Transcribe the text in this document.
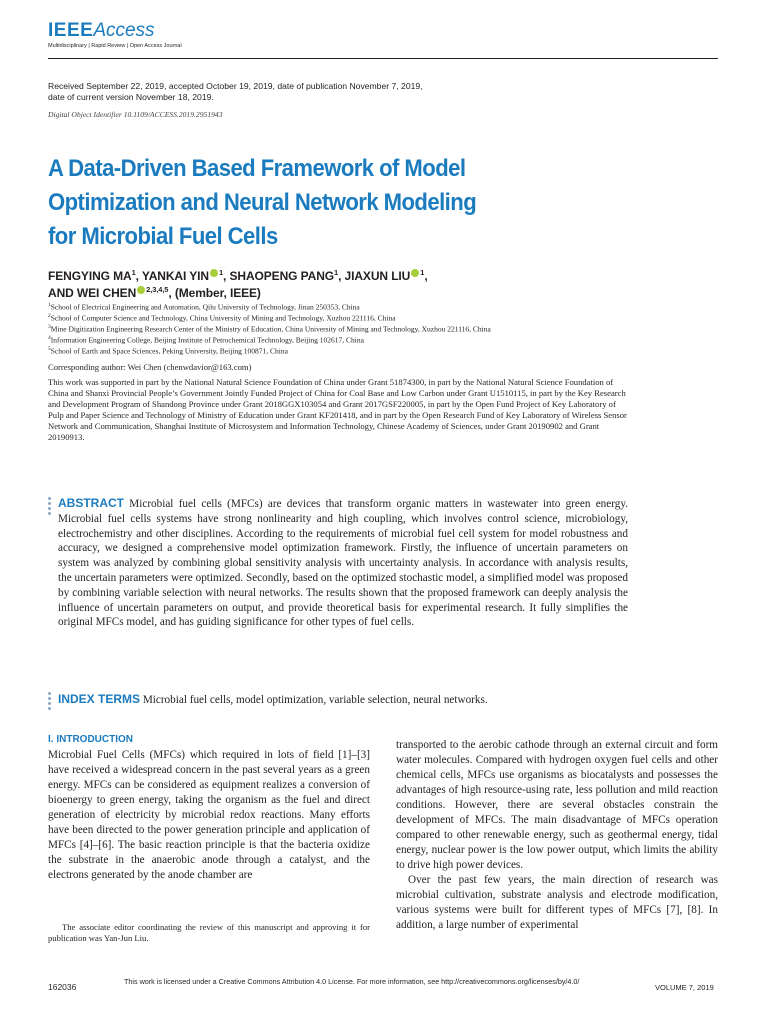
IEEEAccess
Multidisciplinary | Rapid Review | Open Access Journal
Received September 22, 2019, accepted October 19, 2019, date of publication November 7, 2019,
date of current version November 18, 2019.
Digital Object Identifier 10.1109/ACCESS.2019.2951943
A Data-Driven Based Framework of Model
Optimization and Neural Network Modeling
for Microbial Fuel Cells
FENGYING $MA^1$, YANKAI YIN $^1$, SHAOPENG PANG$^1$, JIAXUN LIU $^1$,
AND WEI CHEN $^{2,3,4,5}$, (Member, IEEE)
$^1$School of Electrical Engineering and Automation, Qilu University of Technology, Jinan 250353, China
$^2$School of Computer Science and Technology, China University of Mining and Technology, Xuzhou 221116, China
$^3$Mine Digitization Engineering Research Center of the Ministry of Education, China University of Mining and Technology, Xuzhou 221116, China
$^4$Information Engineering College, Beijing Institute of Petrochemical Technology, Beijing 102617, China
$^5$School of Earth and Space Sciences, Peking University, Beijing 100871, China
Corresponding author: Wei Chen (chenwdavior@163.com)
This work was supported in part by the National Natural Science Foundation of China under Grant 51874300, in part by the National Natural Science Foundation of China and Shanxi Provincial People’s Government Jointly Funded Project of China for Coal Base and Low Carbon under Grant U1510115, in part by the Key Research and Development Program of Shandong Province under Grant 2018GGX103054 and Grant 2017GSF220005, in part by the Open Fund Project of Key Laboratory of Pulp and Paper Science and Technology of Ministry of Education under Grant KF201418, and in part by the Open Research Fund of Key Laboratory of Wireless Sensor Network and Communication, Shanghai Institute of Microsystem and Information Technology, Chinese Academy of Sciences, under Grant 20190902 and Grant 20190913.
ABSTRACT Microbial fuel cells (MFCs) are devices that transform organic matters in wastewater into green energy. Microbial fuel cells systems have strong nonlinearity and high coupling, which involves control science, microbiology, electrochemistry and other disciplines. According to the requirements of microbial fuel cell system for model robustness and accuracy, we designed a comprehensive model optimization framework. Firstly, the influence of uncertain parameters on system was analyzed by combining global sensitivity analysis with uncertainty analysis. In accordance with analysis results, the uncertain parameters were optimized. Secondly, based on the optimized stochastic model, a simplified model was proposed by combining variable selection with neural networks. The results shown that the proposed framework can deeply analysis the influence of uncertain parameters on output, and provide theoretical basis for experimental research. It fully simplifies the original MFCs model, and has guiding significance for other types of fuel cells.
INDEX TERMS Microbial fuel cells, model optimization, variable selection, neural networks.
I. INTRODUCTION
Microbial Fuel Cells (MFCs) which required in lots of field [1]–[3] have received a widespread concern in the past several years as a green energy. MFCs can be considered as equipment realizes a conversion of bioenergy to green energy, taking the organism as the fuel and direct generation of electricity by microbial redox reactions. Many efforts have been directed to the power generation principle and application of MFCs [4]–[6]. The basic reaction principle is that the bacteria oxidize the substrate in the anaerobic anode through a catalyst, and the electrons generated by the anode chamber are
transported to the aerobic cathode through an external circuit and form water molecules. Compared with hydrogen oxygen fuel cells and other chemical cells, MFCs use organisms as biocatalysts and possesses the advantages of high resource-using rate, less pollution and mild reaction conditions. However, there are several obstacles constrain the development of MFCs. The main disadvantage of MFCs operation compared to other renewable energy, such as geothermal energy, tidal energy, nuclear power is the low power output, which limits the ability to drive high power devices.
Over the past few years, the main direction of research was microbial cultivation, substrate analysis and electrode modification, various systems were built for different types of MFCs [7], [8]. In addition, a large number of experimental
The associate editor coordinating the review of this manuscript and approving it for publication was Yan-Jun Liu.
162036
This work is licensed under a Creative Commons Attribution 4.0 License. For more information, see http://creativecommons.org/licenses/by/4.0/
VOLUME 7, 2019
